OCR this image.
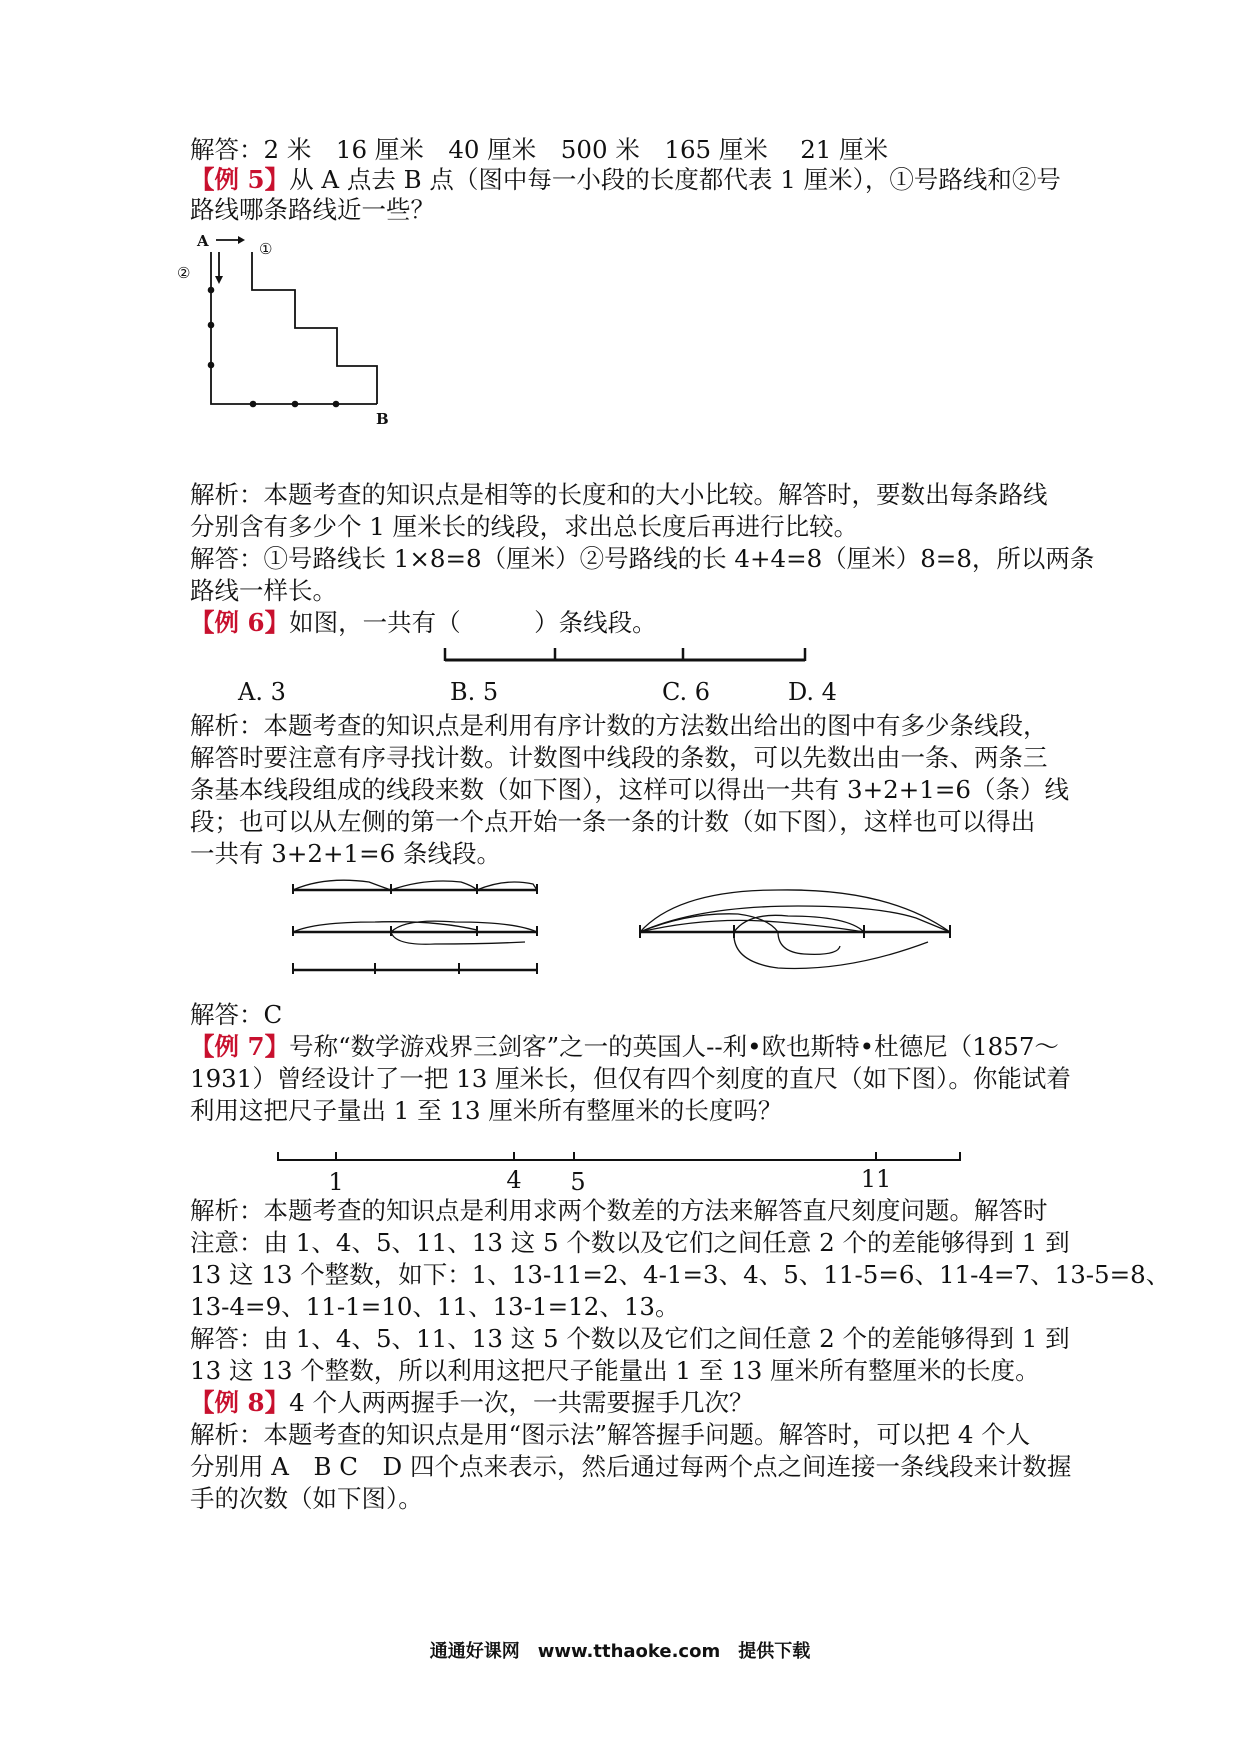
解答：2 米　16 厘米　40 厘米　500 米　165 厘米　 21 厘米
【例 5】从 A 点去 B 点（图中每一小段的长度都代表 1 厘米），①号路线和②号
路线哪条路线近一些？
A	①
②
B
解析：本题考查的知识点是相等的长度和的大小比较。解答时，要数出每条路线
分别含有多少个 1 厘米长的线段，求出总长度后再进行比较。
解答：①号路线长 1×8=8（厘米）②号路线的长 4+4=8（厘米）8=8，所以两条
路线一样长。
【例 6】如图，一共有（　　　）条线段。
A. 3	B. 5	C. 6	D. 4
解析：本题考查的知识点是利用有序计数的方法数出给出的图中有多少条线段，
解答时要注意有序寻找计数。计数图中线段的条数，可以先数出由一条、两条三
条基本线段组成的线段来数（如下图），这样可以得出一共有 3+2+1=6（条）线
段；也可以从左侧的第一个点开始一条一条的计数（如下图），这样也可以得出
一共有 3+2+1=6 条线段。
解答：C
【例 7】号称“数学游戏界三剑客”之一的英国人--利•欧也斯特•杜德尼（1857～
1931）曾经设计了一把 13 厘米长，但仅有四个刻度的直尺（如下图）。你能试着
利用这把尺子量出 1 至 13 厘米所有整厘米的长度吗？
1	4 5	11
解析：本题考查的知识点是利用求两个数差的方法来解答直尺刻度问题。解答时
注意：由 1、4、5、11、13 这 5 个数以及它们之间任意 2 个的差能够得到 1 到
13 这 13 个整数，如下：1、13-11=2、4-1=3、4、5、11-5=6、11-4=7、13-5=8、
13-4=9、11-1=10、11、13-1=12、13。
解答：由 1、4、5、11、13 这 5 个数以及它们之间任意 2 个的差能够得到 1 到
13 这 13 个整数，所以利用这把尺子能量出 1 至 13 厘米所有整厘米的长度。
【例 8】4 个人两两握手一次，一共需要握手几次？
解析：本题考查的知识点是用“图示法”解答握手问题。解答时，可以把 4 个人
分别用 A　B C　D 四个点来表示，然后通过每两个点之间连接一条线段来计数握
手的次数（如下图）。
通通好课网　www.tthaoke.com　提供下载
